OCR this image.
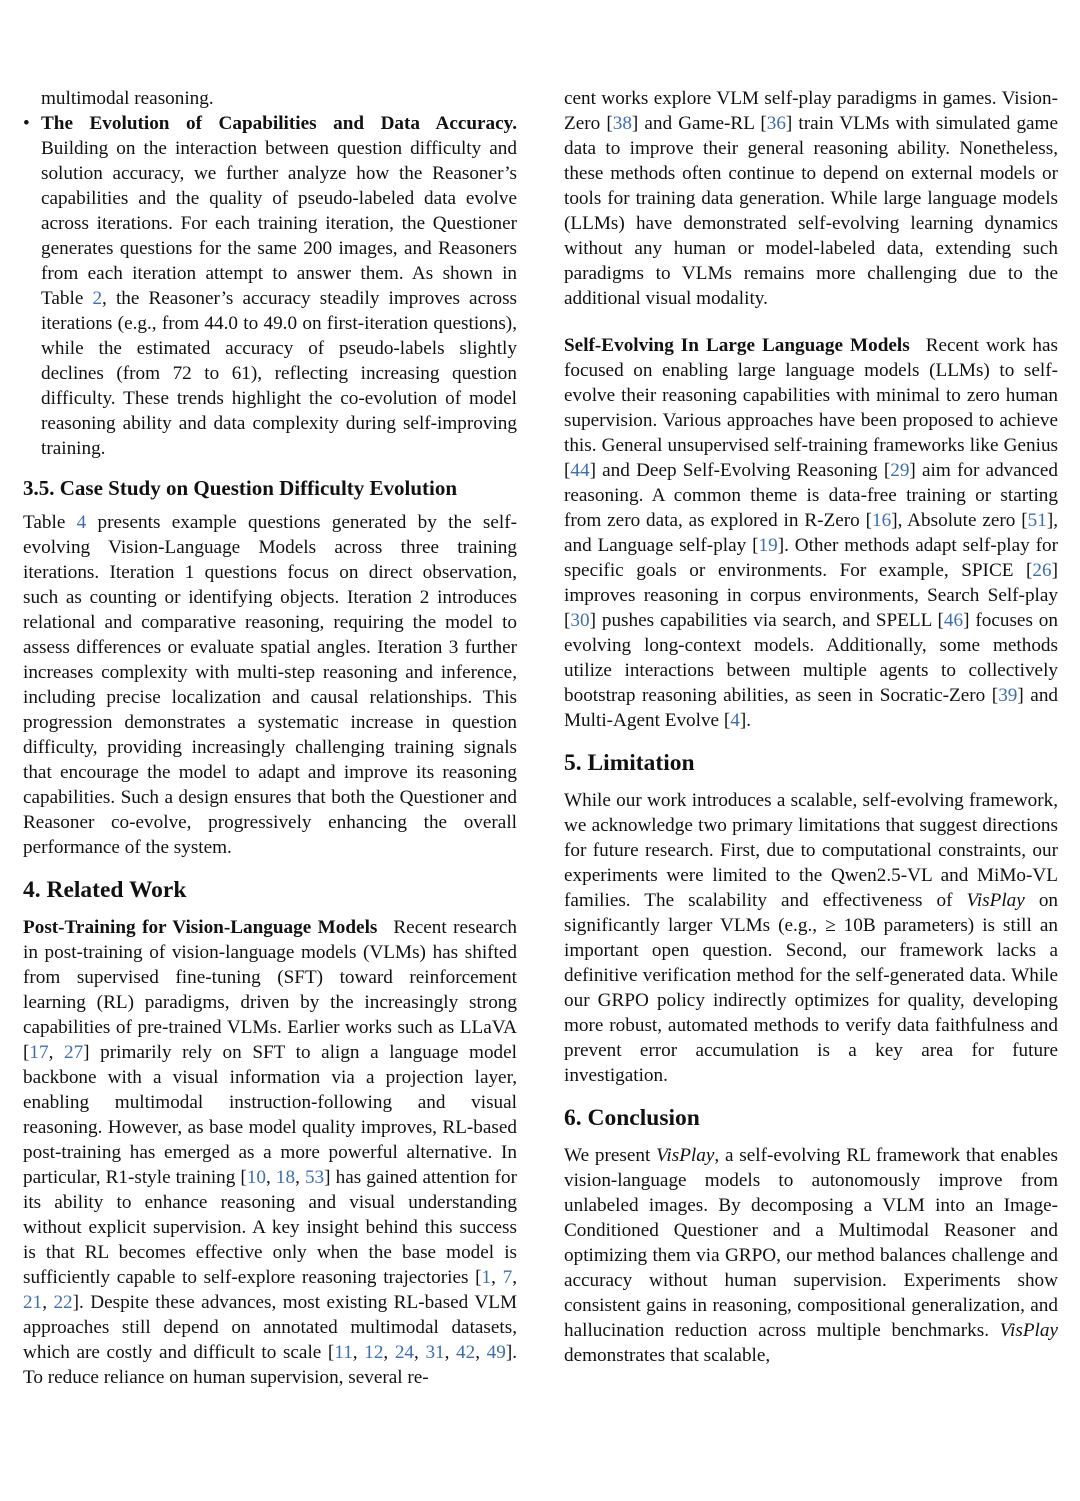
multimodal reasoning.

• The Evolution of Capabilities and Data Accuracy. Building on the interaction between question difficulty and solution accuracy, we further analyze how the Reasoner’s capabilities and the quality of pseudo-labeled data evolve across iterations. For each training iteration, the Questioner generates questions for the same 200 images, and Reasoners from each iteration attempt to answer them. As shown in Table 2, the Reasoner’s accuracy steadily improves across iterations (e.g., from 44.0 to 49.0 on first-iteration questions), while the estimated accuracy of pseudo-labels slightly declines (from 72 to 61), reflecting increasing question difficulty. These trends highlight the co-evolution of model reasoning ability and data complexity during self-improving training.
3.5. Case Study on Question Difficulty Evolution

Table 4 presents example questions generated by the self-evolving Vision-Language Models across three training iterations. Iteration 1 questions focus on direct observation, such as counting or identifying objects. Iteration 2 introduces relational and comparative reasoning, requiring the model to assess differences or evaluate spatial angles. Iteration 3 further increases complexity with multi-step reasoning and inference, including precise localization and causal relationships. This progression demonstrates a systematic increase in question difficulty, providing increasingly challenging training signals that encourage the model to adapt and improve its reasoning capabilities. Such a design ensures that both the Questioner and Reasoner co-evolve, progressively enhancing the overall performance of the system.

4. Related Work

Post-Training for Vision-Language Models Recent research in post-training of vision-language models (VLMs) has shifted from supervised fine-tuning (SFT) toward reinforcement learning (RL) paradigms, driven by the increasingly strong capabilities of pre-trained VLMs. Earlier works such as LLaVA [17, 27] primarily rely on SFT to align a language model backbone with a visual information via a projection layer, enabling multimodal instruction-following and visual reasoning. However, as base model quality improves, RL-based post-training has emerged as a more powerful alternative. In particular, R1-style training [10, 18, 53] has gained attention for its ability to enhance reasoning and visual understanding without explicit supervision. A key insight behind this success is that RL becomes effective only when the base model is sufficiently capable to self-explore reasoning trajectories [1, 7, 21, 22]. Despite these advances, most existing RL-based VLM approaches still depend on annotated multimodal datasets, which are costly and difficult to scale [11, 12, 24, 31, 42, 49]. To reduce reliance on human supervision, several re-

cent works explore VLM self-play paradigms in games. Vision-Zero [38] and Game-RL [36] train VLMs with simulated game data to improve their general reasoning ability. Nonetheless, these methods often continue to depend on external models or tools for training data generation. While large language models (LLMs) have demonstrated self-evolving learning dynamics without any human or model-labeled data, extending such paradigms to VLMs remains more challenging due to the additional visual modality.

Self-Evolving In Large Language Models Recent work has focused on enabling large language models (LLMs) to self-evolve their reasoning capabilities with minimal to zero human supervision. Various approaches have been proposed to achieve this. General unsupervised self-training frameworks like Genius [44] and Deep Self-Evolving Reasoning [29] aim for advanced reasoning. A common theme is data-free training or starting from zero data, as explored in R-Zero [16], Absolute zero [51], and Language self-play [19]. Other methods adapt self-play for specific goals or environments. For example, SPICE [26] improves reasoning in corpus environments, Search Self-play [30] pushes capabilities via search, and SPELL [46] focuses on evolving long-context models. Additionally, some methods utilize interactions between multiple agents to collectively bootstrap reasoning abilities, as seen in Socratic-Zero [39] and Multi-Agent Evolve [4].

5. Limitation

While our work introduces a scalable, self-evolving framework, we acknowledge two primary limitations that suggest directions for future research. First, due to computational constraints, our experiments were limited to the Qwen2.5-VL and MiMo-VL families. The scalability and effectiveness of VisPlay on significantly larger VLMs (e.g., ≥ 10B parameters) is still an important open question. Second, our framework lacks a definitive verification method for the self-generated data. While our GRPO policy indirectly optimizes for quality, developing more robust, automated methods to verify data faithfulness and prevent error accumulation is a key area for future investigation.

6. Conclusion

We present VisPlay, a self-evolving RL framework that enables vision-language models to autonomously improve from unlabeled images. By decomposing a VLM into an Image-Conditioned Questioner and a Multimodal Reasoner and optimizing them via GRPO, our method balances challenge and accuracy without human supervision. Experiments show consistent gains in reasoning, compositional generalization, and hallucination reduction across multiple benchmarks. VisPlay demonstrates that scalable,
